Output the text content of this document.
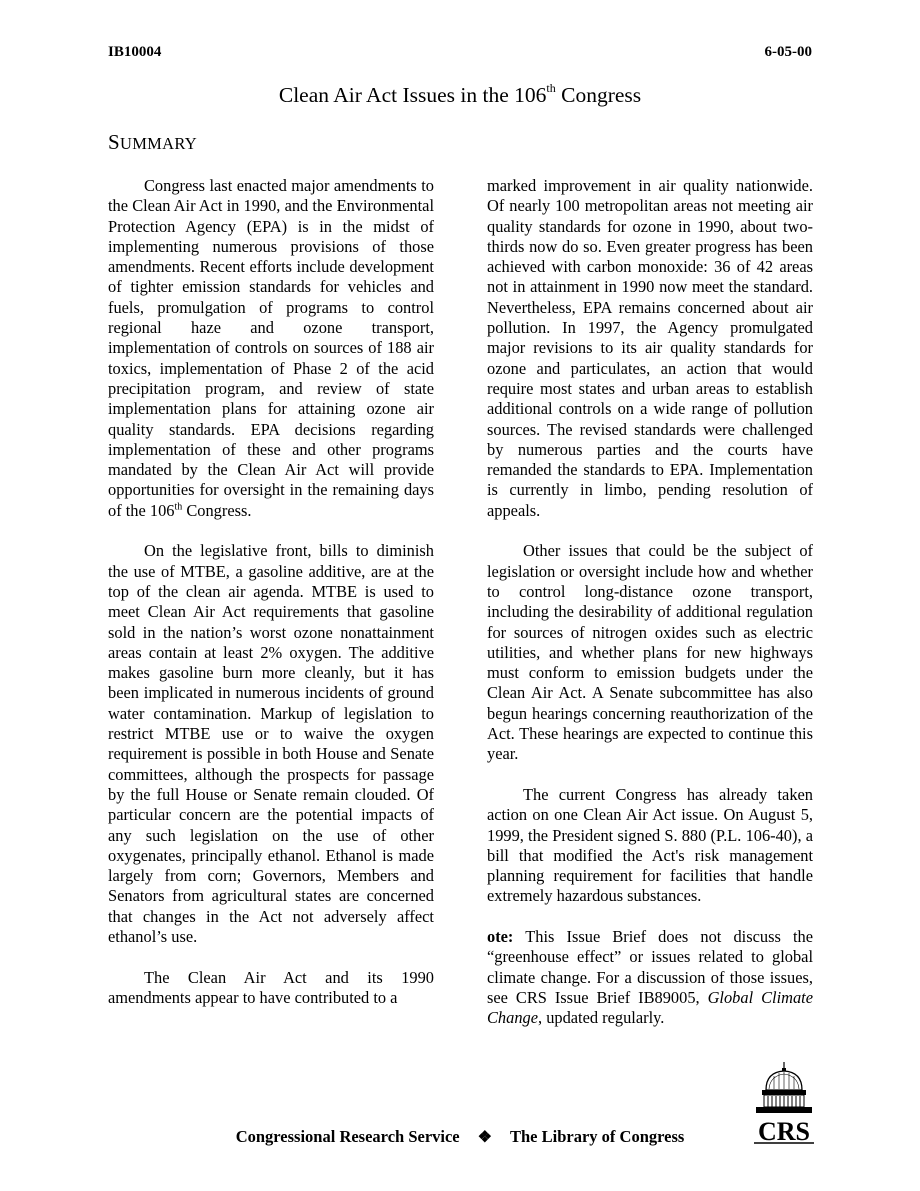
IB10004	6-05-00
Clean Air Act Issues in the 106th Congress
SUMMARY

Congress last enacted major amendments to the Clean Air Act in 1990, and the Environmental Protection Agency (EPA) is in the midst of implementing numerous provisions of those amendments. Recent efforts include development of tighter emission standards for vehicles and fuels, promulgation of programs to control regional haze and ozone transport, implementation of controls on sources of 188 air toxics, implementation of Phase 2 of the acid precipitation program, and review of state implementation plans for attaining ozone air quality standards. EPA decisions regarding implementation of these and other programs mandated by the Clean Air Act will provide opportunities for oversight in the remaining days of the 106th Congress.

On the legislative front, bills to diminish the use of MTBE, a gasoline additive, are at the top of the clean air agenda. MTBE is used to meet Clean Air Act requirements that gasoline sold in the nation’s worst ozone nonattainment areas contain at least 2% oxygen. The additive makes gasoline burn more cleanly, but it has been implicated in numerous incidents of ground water contamination. Markup of legislation to restrict MTBE use or to waive the oxygen requirement is possible in both House and Senate committees, although the prospects for passage by the full House or Senate remain clouded. Of particular concern are the potential impacts of any such legislation on the use of other oxygenates, principally ethanol. Ethanol is made largely from corn; Governors, Members and Senators from agricultural states are concerned that changes in the Act not adversely affect ethanol’s use.

The Clean Air Act and its 1990 amendments appear to have contributed to a

marked improvement in air quality nationwide. Of nearly 100 metropolitan areas not meeting air quality standards for ozone in 1990, about two-thirds now do so. Even greater progress has been achieved with carbon monoxide: 36 of 42 areas not in attainment in 1990 now meet the standard. Nevertheless, EPA remains concerned about air pollution. In 1997, the Agency promulgated major revisions to its air quality standards for ozone and particulates, an action that would require most states and urban areas to establish additional controls on a wide range of pollution sources. The revised standards were challenged by numerous parties and the courts have remanded the standards to EPA. Implementation is currently in limbo, pending resolution of appeals.

Other issues that could be the subject of legislation or oversight include how and whether to control long-distance ozone transport, including the desirability of additional regulation for sources of nitrogen oxides such as electric utilities, and whether plans for new highways must conform to emission budgets under the Clean Air Act. A Senate subcommittee has also begun hearings concerning reauthorization of the Act. These hearings are expected to continue this year.

The current Congress has already taken action on one Clean Air Act issue. On August 5, 1999, the President signed S. 880 (P.L. 106-40), a bill that modified the Act's risk management planning requirement for facilities that handle extremely hazardous substances.

ote: This Issue Brief does not discuss the “greenhouse effect” or issues related to global climate change. For a discussion of those issues, see CRS Issue Brief IB89005, Global Climate Change, updated regularly.

Congressional Research Service ❖ The Library of Congress	CRS
